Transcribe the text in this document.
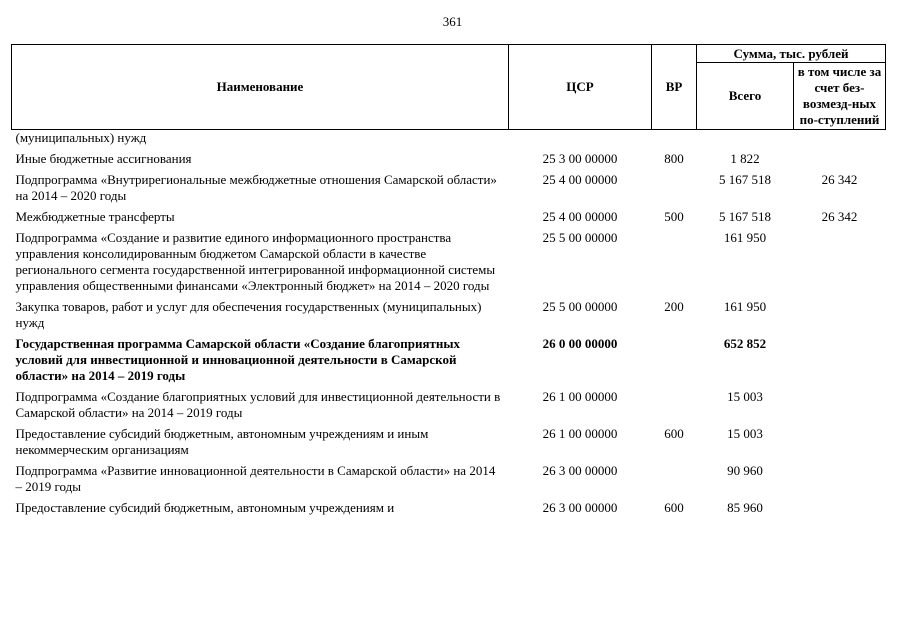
361
Наименование	ЦСР	ВР	Сумма, тыс. рублей	
			Всего	в том числе за счет без-возмезд-ных по-ступлений
(муниципальных) нужд				
Иные бюджетные ассигнования	25 3 00 00000	800	1 822	
Подпрограмма «Внутрирегиональные межбюджетные отношения Самарской области» на 2014 – 2020 годы	25 4 00 00000		5 167 518	26 342
Межбюджетные трансферты	25 4 00 00000	500	5 167 518	26 342
Подпрограмма «Создание и развитие единого информационного пространства управления консолидированным бюджетом Самарской области в качестве регионального сегмента государственной интегрированной информационной системы управления общественными финансами «Электронный бюджет» на 2014 – 2020 годы	25 5 00 00000		161 950	
Закупка товаров, работ и услуг для обеспечения государственных (муниципальных) нужд	25 5 00 00000	200	161 950	
Государственная программа Самарской области «Создание благоприятных условий для инвестиционной и инновационной деятельности в Самарской области» на 2014 – 2019 годы	26 0 00 00000		652 852	
Подпрограмма «Создание благоприятных условий для инвестиционной деятельности в Самарской области» на 2014 – 2019 годы	26 1 00 00000		15 003	
Предоставление субсидий бюджетным, автономным учреждениям и иным некоммерческим организациям	26 1 00 00000	600	15 003	
Подпрограмма «Развитие инновационной деятельности в Самарской области» на 2014 – 2019 годы	26 3 00 00000		90 960	
Предоставление субсидий бюджетным, автономным учреждениям и	26 3 00 00000	600	85 960	
